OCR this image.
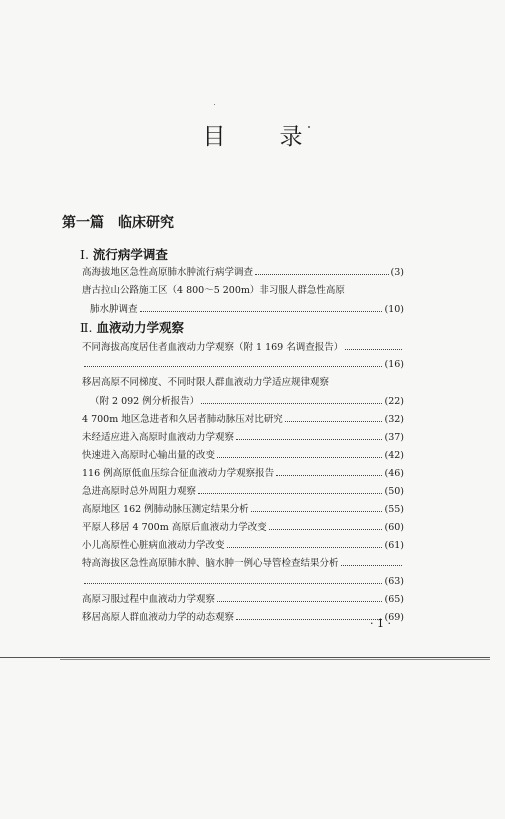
目 录
第一篇 临床研究
Ⅰ. 流行病学调查
高海拔地区急性高原肺水肿流行病学调查	(3)
唐古拉山公路施工区（4 800～5 200m）非习服人群急性高原
肺水肿调查	(10)
Ⅱ. 血液动力学观察
不同海拔高度居住者血液动力学观察（附 1 169 名调查报告）
(16)
移居高原不同梯度、不同时限人群血液动力学适应规律观察
（附 2 092 例分析报告）	(22)
4 700m 地区急进者和久居者肺动脉压对比研究	(32)
未经适应进入高原时血液动力学观察	(37)
快速进入高原时心输出量的改变	(42)
116 例高原低血压综合征血液动力学观察报告	(46)
急进高原时总外周阻力观察	(50)
高原地区 162 例肺动脉压测定结果分析	(55)
平原人移居 4 700m 高原后血液动力学改变	(60)
小儿高原性心脏病血液动力学改变	(61)
特高海拔区急性高原肺水肿、脑水肿一例心导管检查结果分析
(63)
高原习服过程中血液动力学观察	(65)
移居高原人群血液动力学的动态观察	(69)
· 1 ·
